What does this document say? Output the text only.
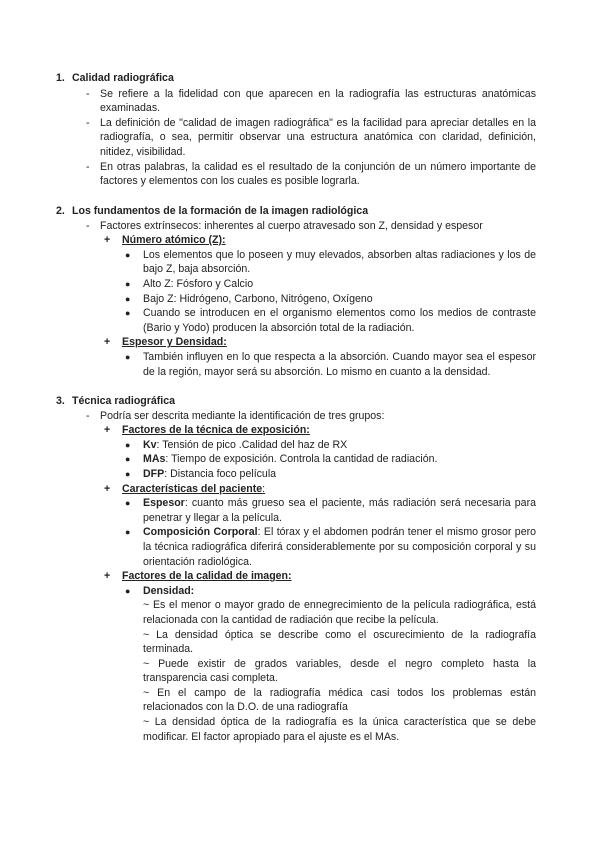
1. Calidad radiográfica
- Se refiere a la fidelidad con que aparecen en la radiografía las estructuras anatómicas examinadas.
- La definición de "calidad de imagen radiográfica" es la facilidad para apreciar detalles en la radiografía, o sea, permitir observar una estructura anatómica con claridad, definición, nitidez, visibilidad.
- En otras palabras, la calidad es el resultado de la conjunción de un número importante de factores y elementos con los cuales es posible lograrla.
2. Los fundamentos de la formación de la imagen radiológica
- Factores extrínsecos: inherentes al cuerpo atravesado son Z, densidad y espesor
+ Número atómico (Z):
● Los elementos que lo poseen y muy elevados, absorben altas radiaciones y los de bajo Z, baja absorción.
● Alto Z: Fósforo y Calcio
● Bajo Z: Hidrógeno, Carbono, Nitrógeno, Oxígeno
● Cuando se introducen en el organismo elementos como los medios de contraste (Bario y Yodo) producen la absorción total de la radiación.
+ Espesor y Densidad:
● También influyen en lo que respecta a la absorción. Cuando mayor sea el espesor de la región, mayor será su absorción. Lo mismo en cuanto a la densidad.
3. Técnica radiográfica
- Podría ser descrita mediante la identificación de tres grupos:
+ Factores de la técnica de exposición:
● Kv: Tensión de pico .Calidad del haz de RX
● MAs: Tiempo de exposición. Controla la cantidad de radiación.
● DFP: Distancia foco película
+ Características del paciente:
● Espesor: cuanto más grueso sea el paciente, más radiación será necesaria para penetrar y llegar a la película.
● Composición Corporal: El tórax y el abdomen podrán tener el mismo grosor pero la técnica radiográfica diferirá considerablemente por su composición corporal y su orientación radiológica.
+ Factores de la calidad de imagen:
● Densidad:
~ Es el menor o mayor grado de ennegrecimiento de la película radiográfica, está relacionada con la cantidad de radiación que recibe la película.
~ La densidad óptica se describe como el oscurecimiento de la radiografía terminada.
~ Puede existir de grados variables, desde el negro completo hasta la transparencia casi completa.
~ En el campo de la radiografía médica casi todos los problemas están relacionados con la D.O. de una radiografía
~ La densidad óptica de la radiografía es la única característica que se debe modificar. El factor apropiado para el ajuste es el MAs.
